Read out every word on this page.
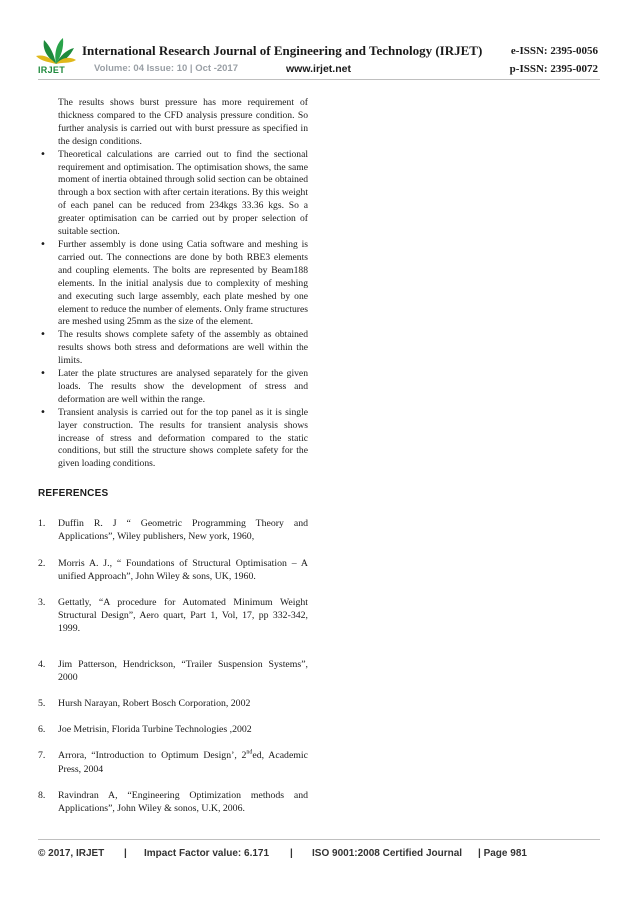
IRJET
International Research Journal of Engineering and Technology (IRJET)	e-ISSN: 2395-0056
Volume: 04 Issue: 10 | Oct -2017	www.irjet.net	p-ISSN: 2395-0072

The results shows burst pressure has more requirement of thickness compared to the CFD analysis pressure condition. So further analysis is carried out with burst pressure as specified in the design conditions.

• Theoretical calculations are carried out to find the sectional requirement and optimisation. The optimisation shows, the same moment of inertia obtained through solid section can be obtained through a box section with after certain iterations. By this weight of each panel can be reduced from 234kgs 33.36 kgs. So a greater optimisation can be carried out by proper selection of suitable section.
• Further assembly is done using Catia software and meshing is carried out. The connections are done by both RBE3 elements and coupling elements. The bolts are represented by Beam188 elements. In the initial analysis due to complexity of meshing and executing such large assembly, each plate meshed by one element to reduce the number of elements. Only frame structures are meshed using 25mm as the size of the element.
• The results shows complete safety of the assembly as obtained results shows both stress and deformations are well within the limits.
• Later the plate structures are analysed separately for the given loads. The results show the development of stress and deformation are well within the range.
• Transient analysis is carried out for the top panel as it is single layer construction. The results for transient analysis shows increase of stress and deformation compared to the static conditions, but still the structure shows complete safety for the given loading conditions.
REFERENCES
1. Duffin R. J “ Geometric Programming Theory and Applications”, Wiley publishers, New york, 1960,
2. Morris A. J., “ Foundations of Structural Optimisation – A unified Approach”, John Wiley & sons, UK, 1960.
3. Gettatly, “A procedure for Automated Minimum Weight Structural Design”, Aero quart, Part 1, Vol, 17, pp 332-342, 1999.
4. Jim Patterson, Hendrickson, “Trailer Suspension Systems”, 2000
5. Hursh Narayan, Robert Bosch Corporation, 2002
6. Joe Metrisin, Florida Turbine Technologies ,2002
7. Arrora, “Introduction to Optimum Design’, 2nded, Academic Press, 2004
8. Ravindran A, “Engineering Optimization methods and Applications”, John Wiley & sonos, U.K, 2006.
© 2017, IRJET | Impact Factor value: 6.171 | ISO 9001:2008 Certified Journal | Page 981
